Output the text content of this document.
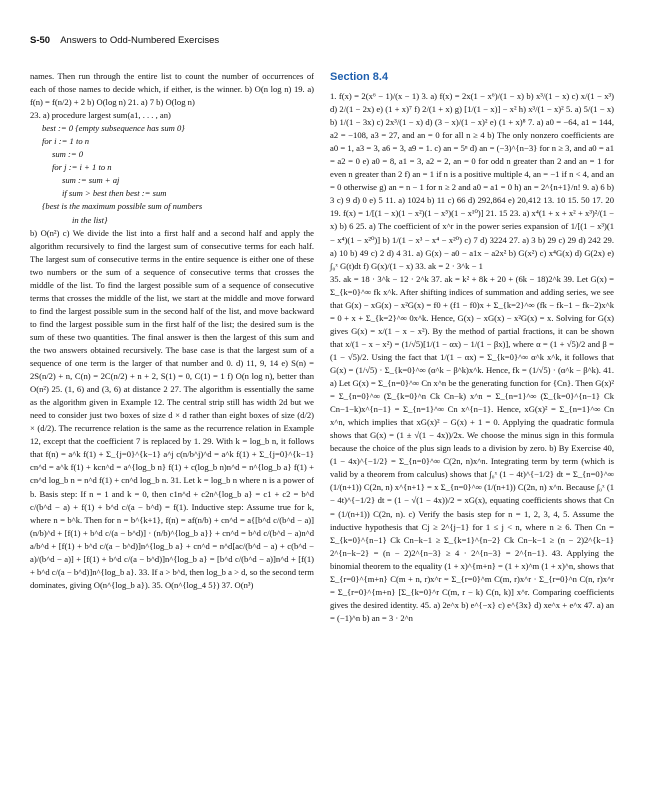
S-50 Answers to Odd-Numbered Exercises

names. Then run through the entire list to count the number of occurrences of each of those names to decide which, if either, is the winner. b) O(n log n) 19. a) f(n) = f(n/2) + 2 b) O(log n) 21. a) 7 b) O(log n)

23. a) procedure largest sum(a1, . . . , an)

best := 0 {empty subsequence has sum 0}
for i := 1 to n
sum := 0
for j := i + 1 to n
sum := sum + aj
if sum > best then best := sum
{best is the maximum possible sum of numbers
in the list}

b) O(n²) c) We divide the list into a first half and a second half and apply the algorithm recursively to find the largest sum of consecutive terms for each half. The largest sum of consecutive terms in the entire sequence is either one of these two numbers or the sum of a sequence of consecutive terms that crosses the middle of the list. To find the largest possible sum of a sequence of consecutive terms that crosses the middle of the list, we start at the middle and move forward to find the largest possible sum in the second half of the list, and move backward to find the largest possible sum in the first half of the list; the desired sum is the sum of these two quantities. The final answer is then the largest of this sum and the two answers obtained recursively. The base case is that the largest sum of a sequence of one term is the larger of that number and 0. d) 11, 9, 14 e) S(n) = 2S(n/2) + n, C(n) = 2C(n/2) + n + 2, S(1) = 0, C(1) = 1 f) O(n log n), better than O(n²) 25. (1, 6) and (3, 6) at distance 2 27. The algorithm is essentially the same as the algorithm given in Example 12. The central strip still has width 2d but we need to consider just two boxes of size d × d rather than eight boxes of size (d/2) × (d/2). The recurrence relation is the same as the recurrence relation in Example 12, except that the coefficient 7 is replaced by 1. 29. With k = log_b n, it follows that f(n) = a^k f(1) + Σ_{j=0}^{k−1} a^j c(n/b^j)^d = a^k f(1) + Σ_{j=0}^{k−1} cn^d = a^k f(1) + kcn^d = a^{log_b n} f(1) + c(log_b n)n^d = n^{log_b a} f(1) + cn^d log_b n = n^d f(1) + cn^d log_b n. 31. Let k = log_b n where n is a power of b. Basis step: If n = 1 and k = 0, then c1n^d + c2n^{log_b a} = c1 + c2 = b^d c/(b^d − a) + f(1) + b^d c/(a − b^d) = f(1). Inductive step: Assume true for k, where n = b^k. Then for n = b^{k+1}, f(n) = af(n/b) + cn^d = a{[b^d c/(b^d − a)](n/b)^d + [f(1) + b^d c/(a − b^d)] · (n/b)^{log_b a}} + cn^d = b^d c/(b^d − a)n^d a/b^d + [f(1) + b^d c/(a − b^d)]n^{log_b a} + cn^d = n^d[ac/(b^d − a) + c(b^d − a)/(b^d − a)] + [f(1) + b^d c/(a − b^d)]n^{log_b a} = [b^d c/(b^d − a)]n^d + [f(1) + b^d c/(a − b^d)]n^{log_b a}. 33. If a > b^d, then log_b a > d, so the second term dominates, giving O(n^{log_b a}). 35. O(n^{log_4 5}) 37. O(n³)

Section 8.4

1. f(x) = 2(x⁶ − 1)/(x − 1) 3. a) f(x) = 2x(1 − x⁶)/(1 − x) b) x³/(1 − x) c) x/(1 − x³) d) 2/(1 − 2x) e) (1 + x)⁷ f) 2/(1 + x) g) [1/(1 − x)] − x² h) x³/(1 − x)² 5. a) 5/(1 − x) b) 1/(1 − 3x) c) 2x³/(1 − x) d) (3 − x)/(1 − x)² e) (1 + x)⁸ 7. a) a0 = −64, a1 = 144, a2 = −108, a3 = 27, and an = 0 for all n ≥ 4 b) The only nonzero coefficients are a0 = 1, a3 = 3, a6 = 3, a9 = 1. c) an = 5ⁿ d) an = (−3)^{n−3} for n ≥ 3, and a0 = a1 = a2 = 0 e) a0 = 8, a1 = 3, a2 = 2, an = 0 for odd n greater than 2 and an = 1 for even n greater than 2 f) an = 1 if n is a positive multiple 4, an = −1 if n < 4, and an = 0 otherwise g) an = n − 1 for n ≥ 2 and a0 = a1 = 0 h) an = 2^{n+1}/n! 9. a) 6 b) 3 c) 9 d) 0 e) 5 11. a) 1024 b) 11 c) 66 d) 292,864 e) 20,412 13. 10 15. 50 17. 20 19. f(x) = 1/[(1 − x)(1 − x²)(1 − x⁵)(1 − x¹⁰)] 21. 15 23. a) x⁴(1 + x + x² + x³)²/(1 − x) b) 6 25. a) The coefficient of x^r in the power series expansion of 1/[(1 − x³)(1 − x⁴)(1 − x²⁰)] b) 1/(1 − x³ − x⁴ − x²⁰) c) 7 d) 3224 27. a) 3 b) 29 c) 29 d) 242 29. a) 10 b) 49 c) 2 d) 4 31. a) G(x) − a0 − a1x − a2x² b) G(x²) c) x⁴G(x) d) G(2x) e) ∫₀ˣ G(t)dt f) G(x)/(1 − x) 33. ak = 2 · 3^k − 1

35. ak = 18 · 3^k − 12 · 2^k 37. ak = k² + 8k + 20 + (6k − 18)2^k 39. Let G(x) = Σ_{k=0}^∞ fk x^k. After shifting indices of summation and adding series, we see that G(x) − xG(x) − x²G(x) = f0 + (f1 − f0)x + Σ_{k=2}^∞ (fk − fk−1 − fk−2)x^k = 0 + x + Σ_{k=2}^∞ 0x^k. Hence, G(x) − xG(x) − x²G(x) = x. Solving for G(x) gives G(x) = x/(1 − x − x²). By the method of partial fractions, it can be shown that x/(1 − x − x²) = (1/√5)[1/(1 − αx) − 1/(1 − βx)], where α = (1 + √5)/2 and β = (1 − √5)/2. Using the fact that 1/(1 − αx) = Σ_{k=0}^∞ α^k x^k, it follows that G(x) = (1/√5) · Σ_{k=0}^∞ (α^k − β^k)x^k. Hence, fk = (1/√5) · (α^k − β^k). 41. a) Let G(x) = Σ_{n=0}^∞ Cn x^n be the generating function for {Cn}. Then G(x)² = Σ_{n=0}^∞ (Σ_{k=0}^n Ck Cn−k) x^n = Σ_{n=1}^∞ (Σ_{k=0}^{n−1} Ck Cn−1−k)x^{n−1} = Σ_{n=1}^∞ Cn x^{n−1}. Hence, xG(x)² = Σ_{n=1}^∞ Cn x^n, which implies that xG(x)² − G(x) + 1 = 0. Applying the quadratic formula shows that G(x) = (1 ± √(1 − 4x))/2x. We choose the minus sign in this formula because the choice of the plus sign leads to a division by zero. b) By Exercise 40, (1 − 4x)^{−1/2} = Σ_{n=0}^∞ C(2n, n)x^n. Integrating term by term (which is valid by a theorem from calculus) shows that ∫₀ˣ (1 − 4t)^{−1/2} dt = Σ_{n=0}^∞ (1/(n+1)) C(2n, n) x^{n+1} = x Σ_{n=0}^∞ (1/(n+1)) C(2n, n) x^n. Because ∫₀ˣ (1 − 4t)^{−1/2} dt = (1 − √(1 − 4x))/2 = xG(x), equating coefficients shows that Cn = (1/(n+1)) C(2n, n). c) Verify the basis step for n = 1, 2, 3, 4, 5. Assume the inductive hypothesis that Cj ≥ 2^{j−1} for 1 ≤ j < n, where n ≥ 6. Then Cn = Σ_{k=0}^{n−1} Ck Cn−k−1 ≥ Σ_{k=1}^{n−2} Ck Cn−k−1 ≥ (n − 2)2^{k−1} 2^{n−k−2} = (n − 2)2^{n−3} ≥ 4 · 2^{n−3} = 2^{n−1}. 43. Applying the binomial theorem to the equality (1 + x)^{m+n} = (1 + x)^m (1 + x)^n, shows that Σ_{r=0}^{m+n} C(m + n, r)x^r = Σ_{r=0}^m C(m, r)x^r · Σ_{r=0}^n C(n, r)x^r = Σ_{r=0}^{m+n} [Σ_{k=0}^r C(m, r − k) C(n, k)] x^r. Comparing coefficients gives the desired identity. 45. a) 2e^x b) e^{−x} c) e^{3x} d) xe^x + e^x 47. a) an = (−1)^n b) an = 3 · 2^n
